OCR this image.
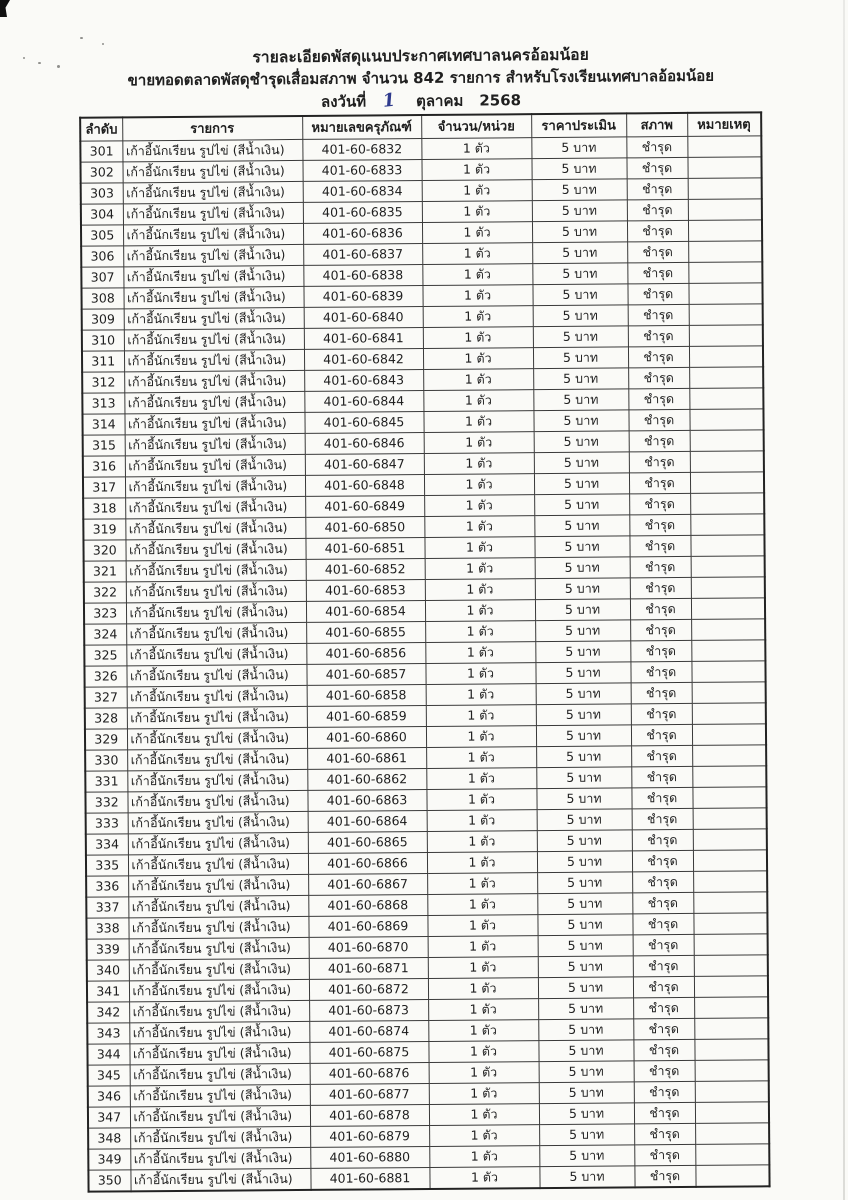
รายละเอียดพัสดุแนบประกาศเทศบาลนครอ้อมน้อย
ขายทอดตลาดพัสดุชำรุดเสื่อมสภาพ จำนวน 842 รายการ สำหรับโรงเรียนเทศบาลอ้อมน้อย
ลงวันที่ 1 ตุลาคม 2568
ลำดับ	รายการ	หมายเลขครุภัณฑ์	จำนวน/หน่วย	ราคาประเมิน	สภาพ	หมายเหตุ
301	เก้าอี้นักเรียน รูปไข่ (สีน้ำเงิน)	401-60-6832	1 ตัว	5 บาท	ชำรุด	
302	เก้าอี้นักเรียน รูปไข่ (สีน้ำเงิน)	401-60-6833	1 ตัว	5 บาท	ชำรุด	
303	เก้าอี้นักเรียน รูปไข่ (สีน้ำเงิน)	401-60-6834	1 ตัว	5 บาท	ชำรุด	
304	เก้าอี้นักเรียน รูปไข่ (สีน้ำเงิน)	401-60-6835	1 ตัว	5 บาท	ชำรุด	
305	เก้าอี้นักเรียน รูปไข่ (สีน้ำเงิน)	401-60-6836	1 ตัว	5 บาท	ชำรุด	
306	เก้าอี้นักเรียน รูปไข่ (สีน้ำเงิน)	401-60-6837	1 ตัว	5 บาท	ชำรุด	
307	เก้าอี้นักเรียน รูปไข่ (สีน้ำเงิน)	401-60-6838	1 ตัว	5 บาท	ชำรุด	
308	เก้าอี้นักเรียน รูปไข่ (สีน้ำเงิน)	401-60-6839	1 ตัว	5 บาท	ชำรุด	
309	เก้าอี้นักเรียน รูปไข่ (สีน้ำเงิน)	401-60-6840	1 ตัว	5 บาท	ชำรุด	
310	เก้าอี้นักเรียน รูปไข่ (สีน้ำเงิน)	401-60-6841	1 ตัว	5 บาท	ชำรุด	
311	เก้าอี้นักเรียน รูปไข่ (สีน้ำเงิน)	401-60-6842	1 ตัว	5 บาท	ชำรุด	
312	เก้าอี้นักเรียน รูปไข่ (สีน้ำเงิน)	401-60-6843	1 ตัว	5 บาท	ชำรุด	
313	เก้าอี้นักเรียน รูปไข่ (สีน้ำเงิน)	401-60-6844	1 ตัว	5 บาท	ชำรุด	
314	เก้าอี้นักเรียน รูปไข่ (สีน้ำเงิน)	401-60-6845	1 ตัว	5 บาท	ชำรุด	
315	เก้าอี้นักเรียน รูปไข่ (สีน้ำเงิน)	401-60-6846	1 ตัว	5 บาท	ชำรุด	
316	เก้าอี้นักเรียน รูปไข่ (สีน้ำเงิน)	401-60-6847	1 ตัว	5 บาท	ชำรุด	
317	เก้าอี้นักเรียน รูปไข่ (สีน้ำเงิน)	401-60-6848	1 ตัว	5 บาท	ชำรุด	
318	เก้าอี้นักเรียน รูปไข่ (สีน้ำเงิน)	401-60-6849	1 ตัว	5 บาท	ชำรุด	
319	เก้าอี้นักเรียน รูปไข่ (สีน้ำเงิน)	401-60-6850	1 ตัว	5 บาท	ชำรุด	
320	เก้าอี้นักเรียน รูปไข่ (สีน้ำเงิน)	401-60-6851	1 ตัว	5 บาท	ชำรุด	
321	เก้าอี้นักเรียน รูปไข่ (สีน้ำเงิน)	401-60-6852	1 ตัว	5 บาท	ชำรุด	
322	เก้าอี้นักเรียน รูปไข่ (สีน้ำเงิน)	401-60-6853	1 ตัว	5 บาท	ชำรุด	
323	เก้าอี้นักเรียน รูปไข่ (สีน้ำเงิน)	401-60-6854	1 ตัว	5 บาท	ชำรุด	
324	เก้าอี้นักเรียน รูปไข่ (สีน้ำเงิน)	401-60-6855	1 ตัว	5 บาท	ชำรุด	
325	เก้าอี้นักเรียน รูปไข่ (สีน้ำเงิน)	401-60-6856	1 ตัว	5 บาท	ชำรุด	
326	เก้าอี้นักเรียน รูปไข่ (สีน้ำเงิน)	401-60-6857	1 ตัว	5 บาท	ชำรุด	
327	เก้าอี้นักเรียน รูปไข่ (สีน้ำเงิน)	401-60-6858	1 ตัว	5 บาท	ชำรุด	
328	เก้าอี้นักเรียน รูปไข่ (สีน้ำเงิน)	401-60-6859	1 ตัว	5 บาท	ชำรุด	
329	เก้าอี้นักเรียน รูปไข่ (สีน้ำเงิน)	401-60-6860	1 ตัว	5 บาท	ชำรุด	
330	เก้าอี้นักเรียน รูปไข่ (สีน้ำเงิน)	401-60-6861	1 ตัว	5 บาท	ชำรุด	
331	เก้าอี้นักเรียน รูปไข่ (สีน้ำเงิน)	401-60-6862	1 ตัว	5 บาท	ชำรุด	
332	เก้าอี้นักเรียน รูปไข่ (สีน้ำเงิน)	401-60-6863	1 ตัว	5 บาท	ชำรุด	
333	เก้าอี้นักเรียน รูปไข่ (สีน้ำเงิน)	401-60-6864	1 ตัว	5 บาท	ชำรุด	
334	เก้าอี้นักเรียน รูปไข่ (สีน้ำเงิน)	401-60-6865	1 ตัว	5 บาท	ชำรุด	
335	เก้าอี้นักเรียน รูปไข่ (สีน้ำเงิน)	401-60-6866	1 ตัว	5 บาท	ชำรุด	
336	เก้าอี้นักเรียน รูปไข่ (สีน้ำเงิน)	401-60-6867	1 ตัว	5 บาท	ชำรุด	
337	เก้าอี้นักเรียน รูปไข่ (สีน้ำเงิน)	401-60-6868	1 ตัว	5 บาท	ชำรุด	
338	เก้าอี้นักเรียน รูปไข่ (สีน้ำเงิน)	401-60-6869	1 ตัว	5 บาท	ชำรุด	
339	เก้าอี้นักเรียน รูปไข่ (สีน้ำเงิน)	401-60-6870	1 ตัว	5 บาท	ชำรุด	
340	เก้าอี้นักเรียน รูปไข่ (สีน้ำเงิน)	401-60-6871	1 ตัว	5 บาท	ชำรุด	
341	เก้าอี้นักเรียน รูปไข่ (สีน้ำเงิน)	401-60-6872	1 ตัว	5 บาท	ชำรุด	
342	เก้าอี้นักเรียน รูปไข่ (สีน้ำเงิน)	401-60-6873	1 ตัว	5 บาท	ชำรุด	
343	เก้าอี้นักเรียน รูปไข่ (สีน้ำเงิน)	401-60-6874	1 ตัว	5 บาท	ชำรุด	
344	เก้าอี้นักเรียน รูปไข่ (สีน้ำเงิน)	401-60-6875	1 ตัว	5 บาท	ชำรุด	
345	เก้าอี้นักเรียน รูปไข่ (สีน้ำเงิน)	401-60-6876	1 ตัว	5 บาท	ชำรุด	
346	เก้าอี้นักเรียน รูปไข่ (สีน้ำเงิน)	401-60-6877	1 ตัว	5 บาท	ชำรุด	
347	เก้าอี้นักเรียน รูปไข่ (สีน้ำเงิน)	401-60-6878	1 ตัว	5 บาท	ชำรุด	
348	เก้าอี้นักเรียน รูปไข่ (สีน้ำเงิน)	401-60-6879	1 ตัว	5 บาท	ชำรุด	
349	เก้าอี้นักเรียน รูปไข่ (สีน้ำเงิน)	401-60-6880	1 ตัว	5 บาท	ชำรุด	
350	เก้าอี้นักเรียน รูปไข่ (สีน้ำเงิน)	401-60-6881	1 ตัว	5 บาท	ชำรุด	
